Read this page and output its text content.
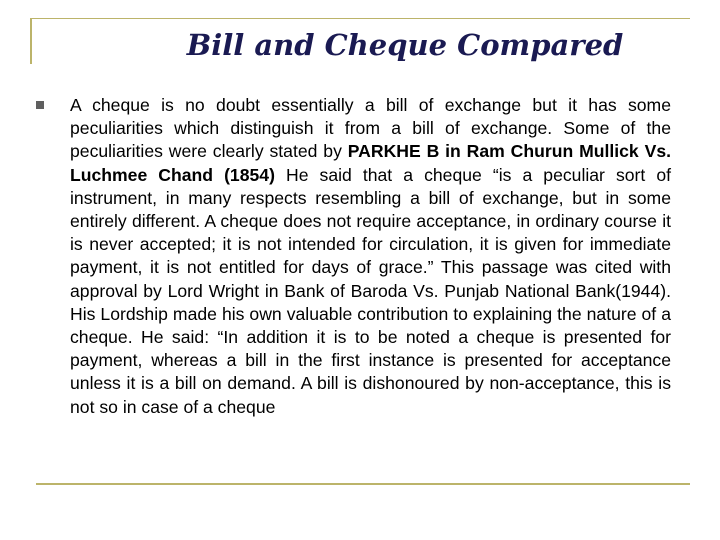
Bill and Cheque Compared

A cheque is no doubt essentially a bill of exchange but it has some peculiarities which distinguish it from a bill of exchange. Some of the peculiarities were clearly stated by PARKHE B in Ram Churun Mullick Vs. Luchmee Chand (1854) He said that a cheque “is a peculiar sort of instrument, in many respects resembling a bill of exchange, but in some entirely different. A cheque does not require acceptance, in ordinary course it is never accepted; it is not intended for circulation, it is given for immediate payment, it is not entitled for days of grace.” This passage was cited with approval by Lord Wright in Bank of Baroda Vs. Punjab National Bank(1944). His Lordship made his own valuable contribution to explaining the nature of a cheque. He said: “In addition it is to be noted a cheque is presented for payment, whereas a bill in the first instance is presented for acceptance unless it is a bill on demand. A bill is dishonoured by non-acceptance, this is not so in case of a cheque
